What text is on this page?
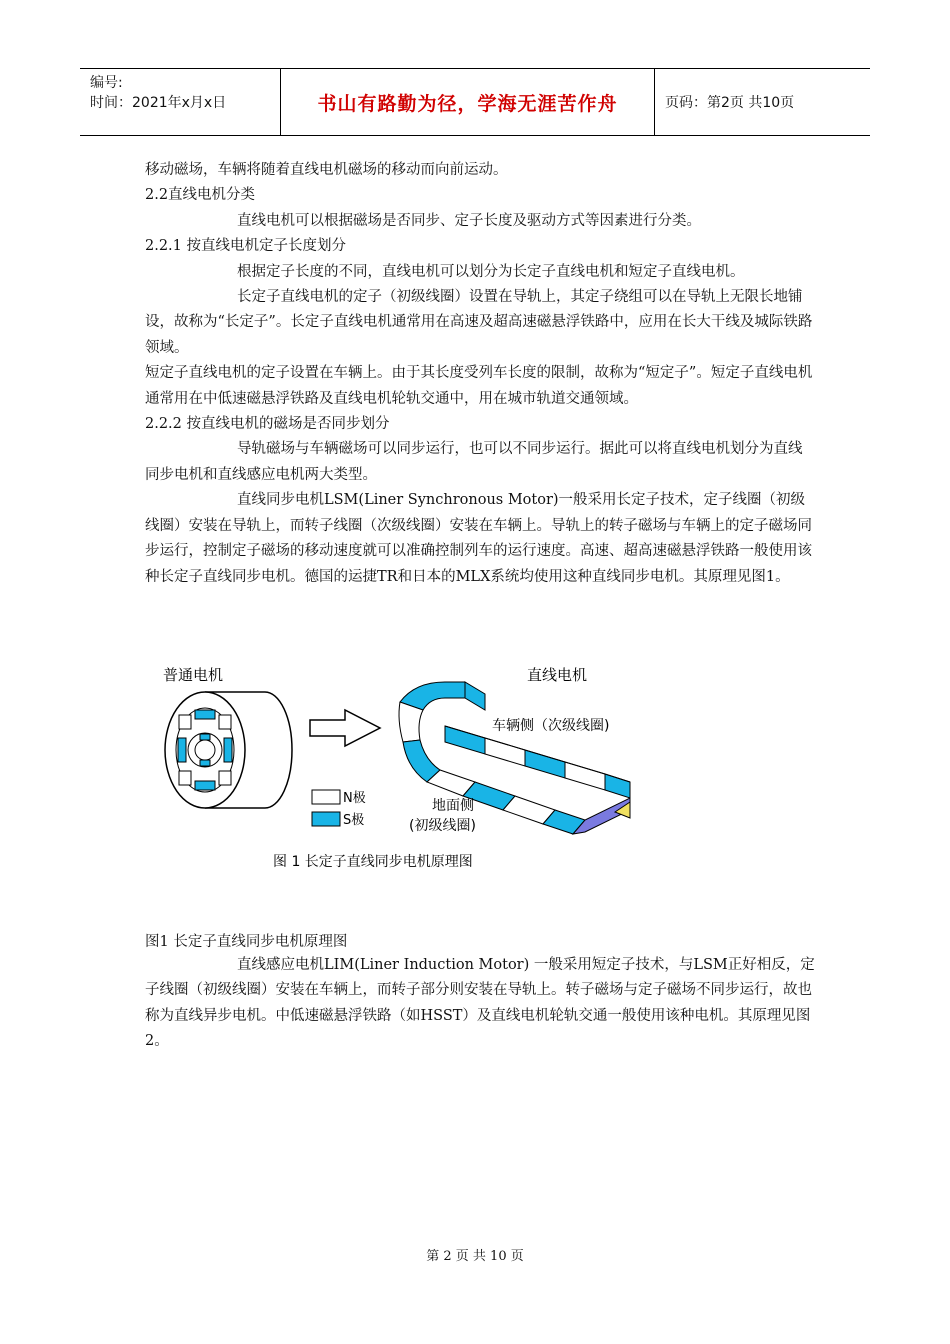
编号:
时间：2021年x月x日	书山有路勤为径，学海无涯苦作舟	页码：第2页 共10页

移动磁场，车辆将随着直线电机磁场的移动而向前运动。

2.2直线电机分类

直线电机可以根据磁场是否同步、定子长度及驱动方式等因素进行分类。

2.2.1 按直线电机定子长度划分

根据定子长度的不同，直线电机可以划分为长定子直线电机和短定子直线电机。

长定子直线电机的定子（初级线圈）设置在导轨上，其定子绕组可以在导轨上无限长地铺设，故称为“长定子”。长定子直线电机通常用在高速及超高速磁悬浮铁路中，应用在长大干线及城际铁路领域。

短定子直线电机的定子设置在车辆上。由于其长度受列车长度的限制，故称为“短定子”。短定子直线电机通常用在中低速磁悬浮铁路及直线电机轮轨交通中，用在城市轨道交通领域。

2.2.2 按直线电机的磁场是否同步划分

导轨磁场与车辆磁场可以同步运行，也可以不同步运行。据此可以将直线电机划分为直线同步电机和直线感应电机两大类型。

直线同步电机LSM(Liner Synchronous Motor)一般采用长定子技术，定子线圈（初级线圈）安装在导轨上，而转子线圈（次级线圈）安装在车辆上。导轨上的转子磁场与车辆上的定子磁场同步运行，控制定子磁场的移动速度就可以准确控制列车的运行速度。高速、超高速磁悬浮铁路一般使用该种长定子直线同步电机。德国的运捷TR和日本的MLX系统均使用这种直线同步电机。其原理见图1。

普通电机	直线电机
车辆侧（次级线圈)
N极
S极
地面侧
(初级线圈)
图 1 长定子直线同步电机原理图
图1 长定子直线同步电机原理图

直线感应电机LIM(Liner Induction Motor) 一般采用短定子技术，与LSM正好相反，定子线圈（初级线圈）安装在车辆上，而转子部分则安装在导轨上。转子磁场与定子磁场不同步运行，故也称为直线异步电机。中低速磁悬浮铁路（如HSST）及直线电机轮轨交通一般使用该种电机。其原理见图2。

第 2 页 共 10 页
